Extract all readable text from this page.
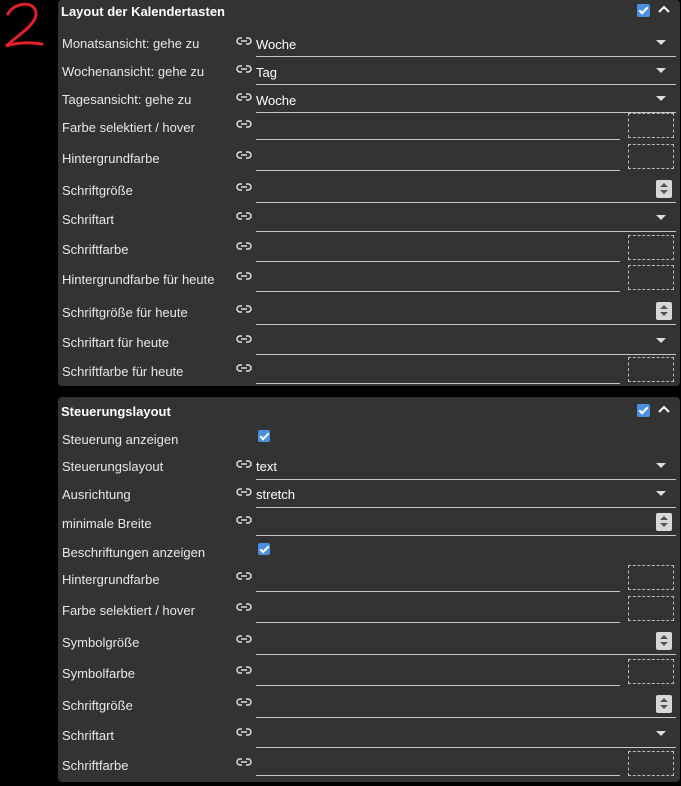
Layout der Kalendertasten
Monatsansicht: gehe zu	Woche
Wochenansicht: gehe zu	Tag
Tagesansicht: gehe zu	Woche
Farbe selektiert / hover
Hintergrundfarbe
Schriftgröße
Schriftart
Schriftfarbe
Hintergrundfarbe für heute
Schriftgröße für heute
Schriftart für heute
Schriftfarbe für heute
Steuerungslayout
Steuerung anzeigen
Steuerungslayout	text
Ausrichtung	stretch
minimale Breite
Beschriftungen anzeigen
Hintergrundfarbe
Farbe selektiert / hover
Symbolgröße
Symbolfarbe
Schriftgröße
Schriftart
Schriftfarbe
